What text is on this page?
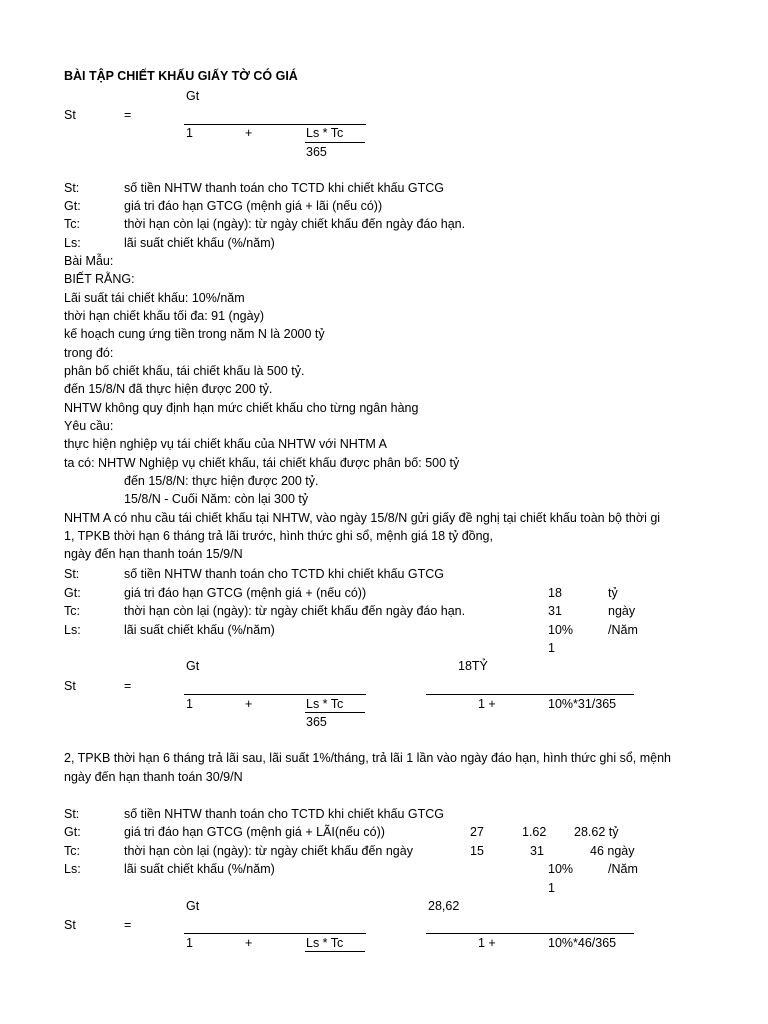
BÀI TẬP CHIẾT KHẤU GIẤY TỜ CÓ GIÁ
Gt
St	=
1	+	Ls * Tc
365
St:	số tiền NHTW thanh toán cho TCTD khi chiết khấu GTCG
Gt:	giá tri đáo hạn GTCG (mệnh giá + lãi (nếu có))
Tc:	thời hạn còn lại (ngày): từ ngày chiết khấu đến ngày đáo hạn.
Ls:	lãi suất chiết khấu (%/năm)
Bài Mẫu:
BIẾT RẰNG:
Lãi suất tái chiết khấu: 10%/năm
thời hạn chiết khấu tối đa: 91 (ngày)
kế hoạch cung ứng tiền trong năm N là 2000 tỷ
trong đó:
phân bố chiết khấu, tái chiết khấu là 500 tỷ.
đến 15/8/N đã thực hiện được 200 tỷ.
NHTW không quy định hạn mức chiết khấu cho từng ngân hàng
Yêu cầu:
thực hiện nghiệp vụ tái chiết khấu của NHTW với NHTM A
ta có: NHTW Nghiệp vụ chiết khấu, tái chiết khấu được phân bố: 500 tỷ
đến 15/8/N: thực hiện được 200 tỷ.
15/8/N - Cuối Năm: còn lại 300 tỷ
NHTM A có nhu cầu tái chiết khấu tại NHTW, vào ngày 15/8/N gửi giấy đề nghị tại chiết khấu toàn bộ thời gi
1, TPKB thời hạn 6 tháng trả lãi trước, hình thức ghi sổ, mệnh giá 18 tỷ đồng,
ngày đến hạn thanh toán 15/9/N
St:	số tiền NHTW thanh toán cho TCTD khi chiết khấu GTCG
Gt:	giá tri đáo hạn GTCG (mệnh giá + (nếu có))	18	tỷ
Tc:	thời hạn còn lại (ngày): từ ngày chiết khấu đến ngày đáo hạn.	31	ngày
Ls:	lãi suất chiết khấu (%/năm)	10%	/Năm
1
Gt	18TỶ
St	=
1	+	Ls * Tc	1 +	10%*31/365
365
2, TPKB thời hạn 6 tháng trả lãi sau, lãi suất 1%/tháng, trả lãi 1 lần vào ngày đáo hạn, hình thức ghi sổ, mệnh
ngày đến hạn thanh toán 30/9/N
St:	số tiền NHTW thanh toán cho TCTD khi chiết khấu GTCG
Gt:	giá tri đáo hạn GTCG (mệnh giá + LÃI(nếu có))	27	1.62 28.62 tỷ
Tc:	thời hạn còn lại (ngày): từ ngày chiết khấu đến ngày	15	31	46 ngày
Ls:	lãi suất chiết khấu (%/năm)	10%	/Năm
1
Gt	28,62
St	=
1	+	Ls * Tc	1 +	10%*46/365
